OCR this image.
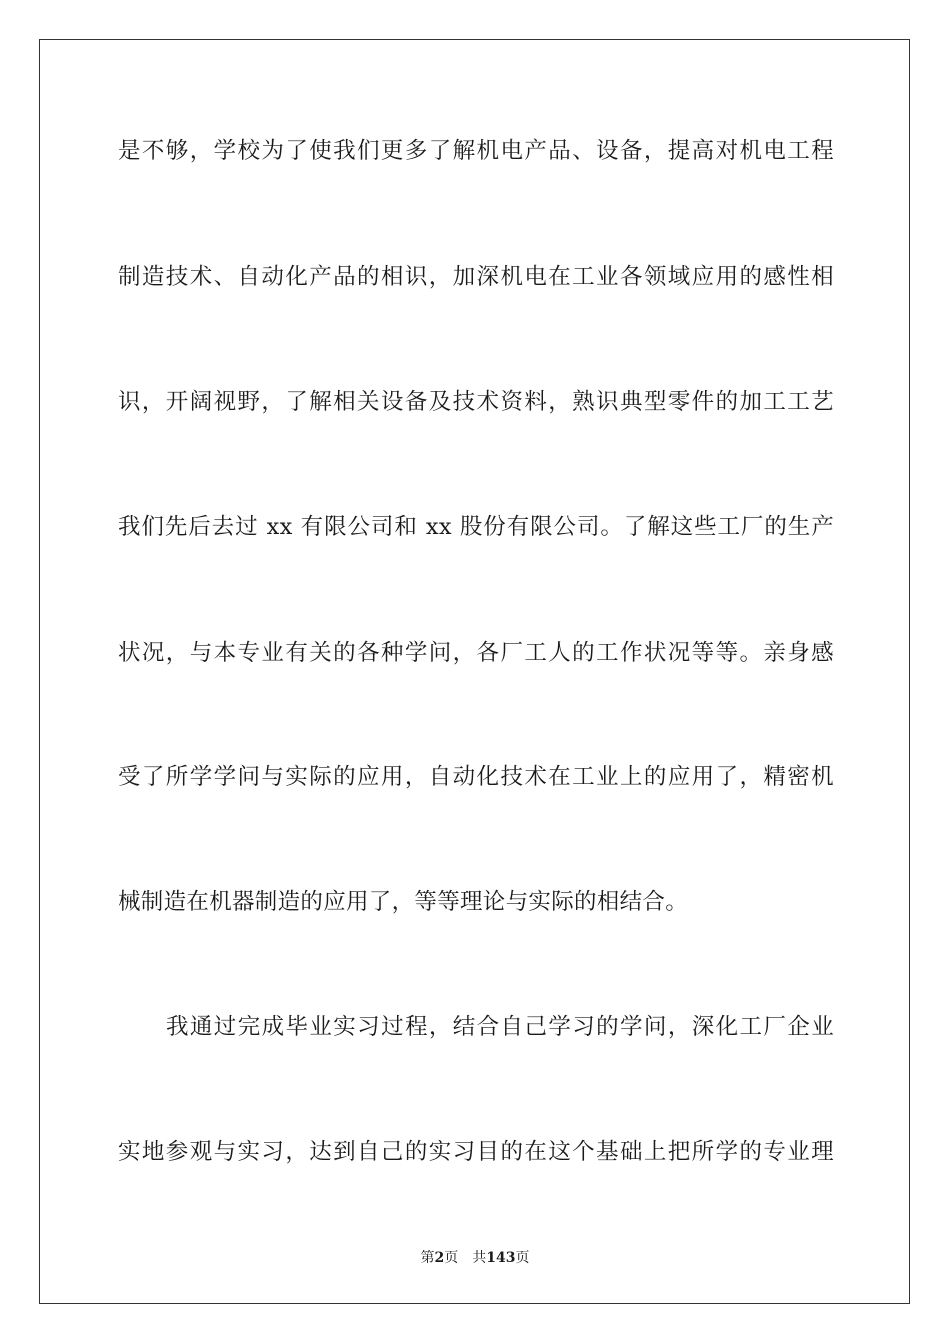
是不够，学校为了使我们更多了解机电产品、设备，提高对机电工程
制造技术、自动化产品的相识，加深机电在工业各领域应用的感性相
识，开阔视野，了解相关设备及技术资料，熟识典型零件的加工工艺
我们先后去过 xx 有限公司和 xx 股份有限公司。了解这些工厂的生产
状况，与本专业有关的各种学问，各厂工人的工作状况等等。亲身感
受了所学学问与实际的应用，自动化技术在工业上的应用了，精密机
械制造在机器制造的应用了，等等理论与实际的相结合。
我通过完成毕业实习过程，结合自己学习的学问，深化工厂企业
实地参观与实习，达到自己的实习目的在这个基础上把所学的专业理
第2页 共143页
